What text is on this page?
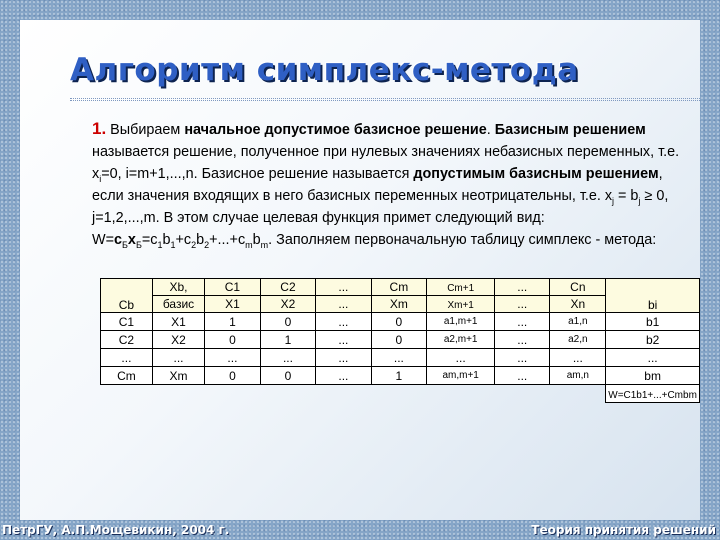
Алгоритм симплекс-метода
1. Выбираем начальное допустимое базисное решение. Базисным решением называется решение, полученное при нулевых значениях небазисных переменных, т.е. $x_i=0$, i=m+1,...,n. Базисное решение называется допустимым базисным решением, если значения входящих в него базисных переменных неотрицательны, т.е. $x_j = b_j \ge 0$, j=1,2,...,m. В этом случае целевая функция примет следующий вид: $W=c_Бx_Б=c_1b_1+c_2b_2+...+c_mb_m$. Заполняем первоначальную таблицу симплекс - метода:
Cb	Xb,	C1	C2	...	Cm	Cm+1	...	Cn	bi
	базис	X1	X2	...	Xm	Xm+1	...	Xn	
C1	X1	1	0	...	0	a1,m+1	...	a1,n	b1
C2	X2	0	1	...	0	a2,m+1	...	a2,n	b2
...	...	...	...	...	...	...	...	...	...
Cm	Xm	0	0	...	1	am,m+1	...	am,n	bm
									W=C1b1+...+Cmbm
ПетрГУ, А.П.Мощевикин, 2004 г.	Теория принятия решений
